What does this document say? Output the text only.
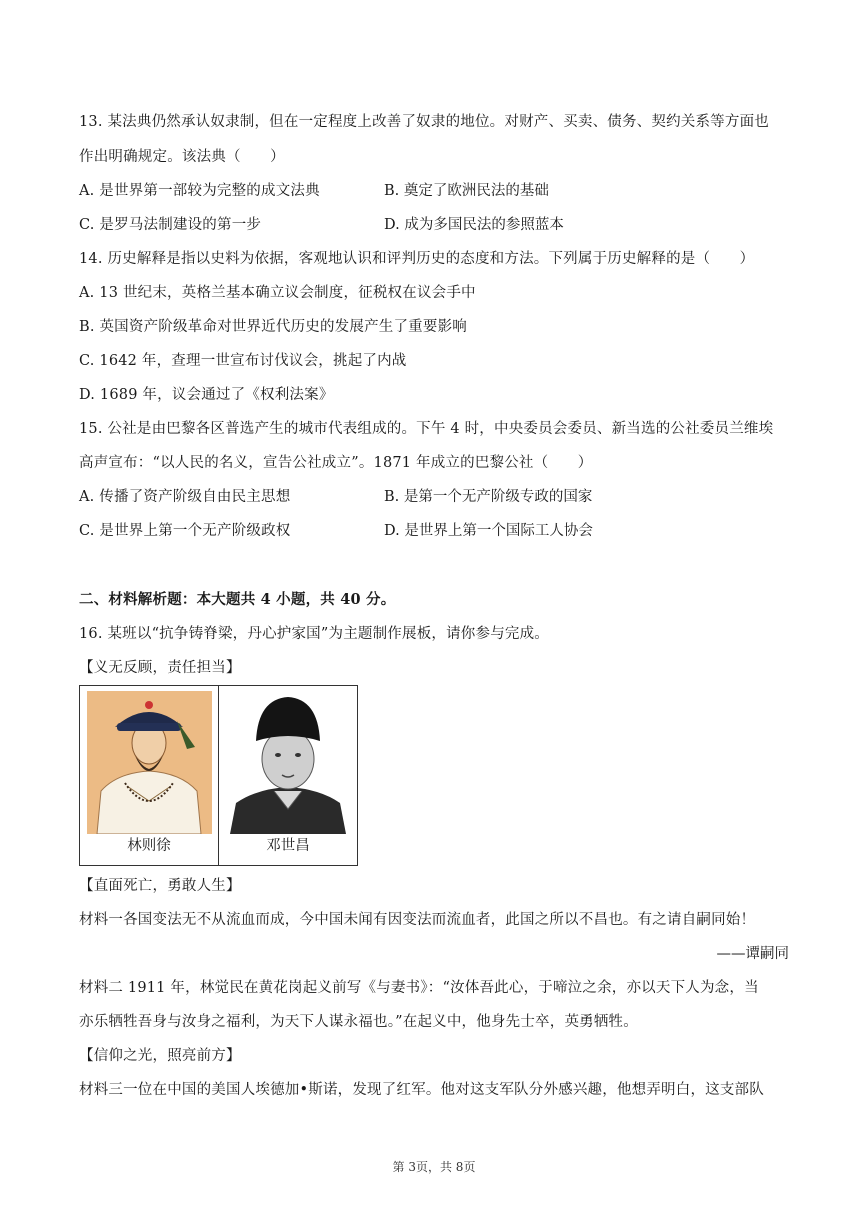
13. 某法典仍然承认奴隶制，但在一定程度上改善了奴隶的地位。对财产、买卖、债务、契约关系等方面也
作出明确规定。该法典（　　）
A. 是世界第一部较为完整的成文法典	B. 奠定了欧洲民法的基础
C. 是罗马法制建设的第一步	D. 成为多国民法的参照蓝本
14. 历史解释是指以史料为依据，客观地认识和评判历史的态度和方法。下列属于历史解释的是（　　）
A. 13 世纪末，英格兰基本确立议会制度，征税权在议会手中
B. 英国资产阶级革命对世界近代历史的发展产生了重要影响
C. 1642 年，查理一世宣布讨伐议会，挑起了内战
D. 1689 年，议会通过了《权利法案》
15. 公社是由巴黎各区普选产生的城市代表组成的。下午 4 时，中央委员会委员、新当选的公社委员兰维埃
高声宣布：“以人民的名义，宣告公社成立”。1871 年成立的巴黎公社（　　）
A. 传播了资产阶级自由民主思想	B. 是第一个无产阶级专政的国家
C. 是世界上第一个无产阶级政权	D. 是世界上第一个国际工人协会
二、材料解析题：本大题共 4 小题，共 40 分。
16. 某班以“抗争铸脊梁，丹心护家国”为主题制作展板，请你参与完成。
【义无反顾，责任担当】
林则徐	邓世昌
【直面死亡，勇敢人生】
材料一各国变法无不从流血而成，今中国未闻有因变法而流血者，此国之所以不昌也。有之请自嗣同始！
——谭嗣同
材料二 1911 年，林觉民在黄花岗起义前写《与妻书》：“汝体吾此心，于啼泣之余，亦以天下人为念，当
亦乐牺牲吾身与汝身之福利，为天下人谋永福也。”在起义中，他身先士卒，英勇牺牲。
【信仰之光，照亮前方】
材料三一位在中国的美国人埃德加•斯诺，发现了红军。他对这支军队分外感兴趣，他想弄明白，这支部队
第 3页，共 8页
